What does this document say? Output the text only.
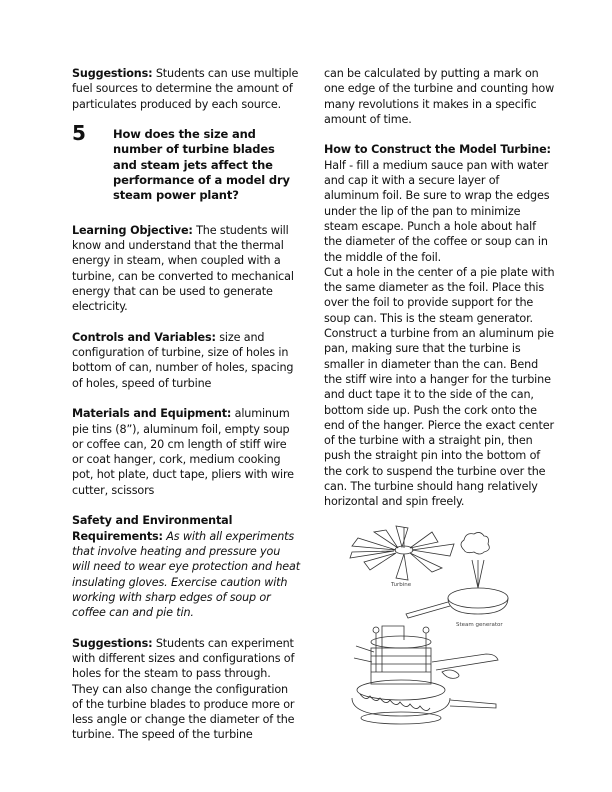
Suggestions: Students can use multiple fuel sources to determine the amount of particulates produced by each source.

5 How does the size and number of turbine blades and steam jets affect the performance of a model dry steam power plant?

Learning Objective: The students will know and understand that the thermal energy in steam, when coupled with a turbine, can be converted to mechanical energy that can be used to generate electricity.

Controls and Variables: size and configuration of turbine, size of holes in bottom of can, number of holes, spacing of holes, speed of turbine

Materials and Equipment: aluminum pie tins (8”), aluminum foil, empty soup or coffee can, 20 cm length of stiff wire or coat hanger, cork, medium cooking pot, hot plate, duct tape, pliers with wire cutter, scissors

Safety and Environmental Requirements: As with all experiments that involve heating and pressure you will need to wear eye protection and heat insulating gloves. Exercise caution with working with sharp edges of soup or coffee can and pie tin.

Suggestions: Students can experiment with different sizes and configurations of holes for the steam to pass through. They can also change the configuration of the turbine blades to produce more or less angle or change the diameter of the turbine. The speed of the turbine

can be calculated by putting a mark on one edge of the turbine and counting how many revolutions it makes in a specific amount of time.

How to Construct the Model Turbine: Half - fill a medium sauce pan with water and cap it with a secure layer of aluminum foil. Be sure to wrap the edges under the lip of the pan to minimize steam escape. Punch a hole about half the diameter of the coffee or soup can in the middle of the foil.

Cut a hole in the center of a pie plate with the same diameter as the foil. Place this over the foil to provide support for the soup can. This is the steam generator.

Construct a turbine from an aluminum pie pan, making sure that the turbine is smaller in diameter than the can. Bend the stiff wire into a hanger for the turbine and duct tape it to the side of the can, bottom side up. Push the cork onto the end of the hanger. Pierce the exact center of the turbine with a straight pin, then push the straight pin into the bottom of the cork to suspend the turbine over the can. The turbine should hang relatively horizontal and spin freely.

Turbine
Steam generator
